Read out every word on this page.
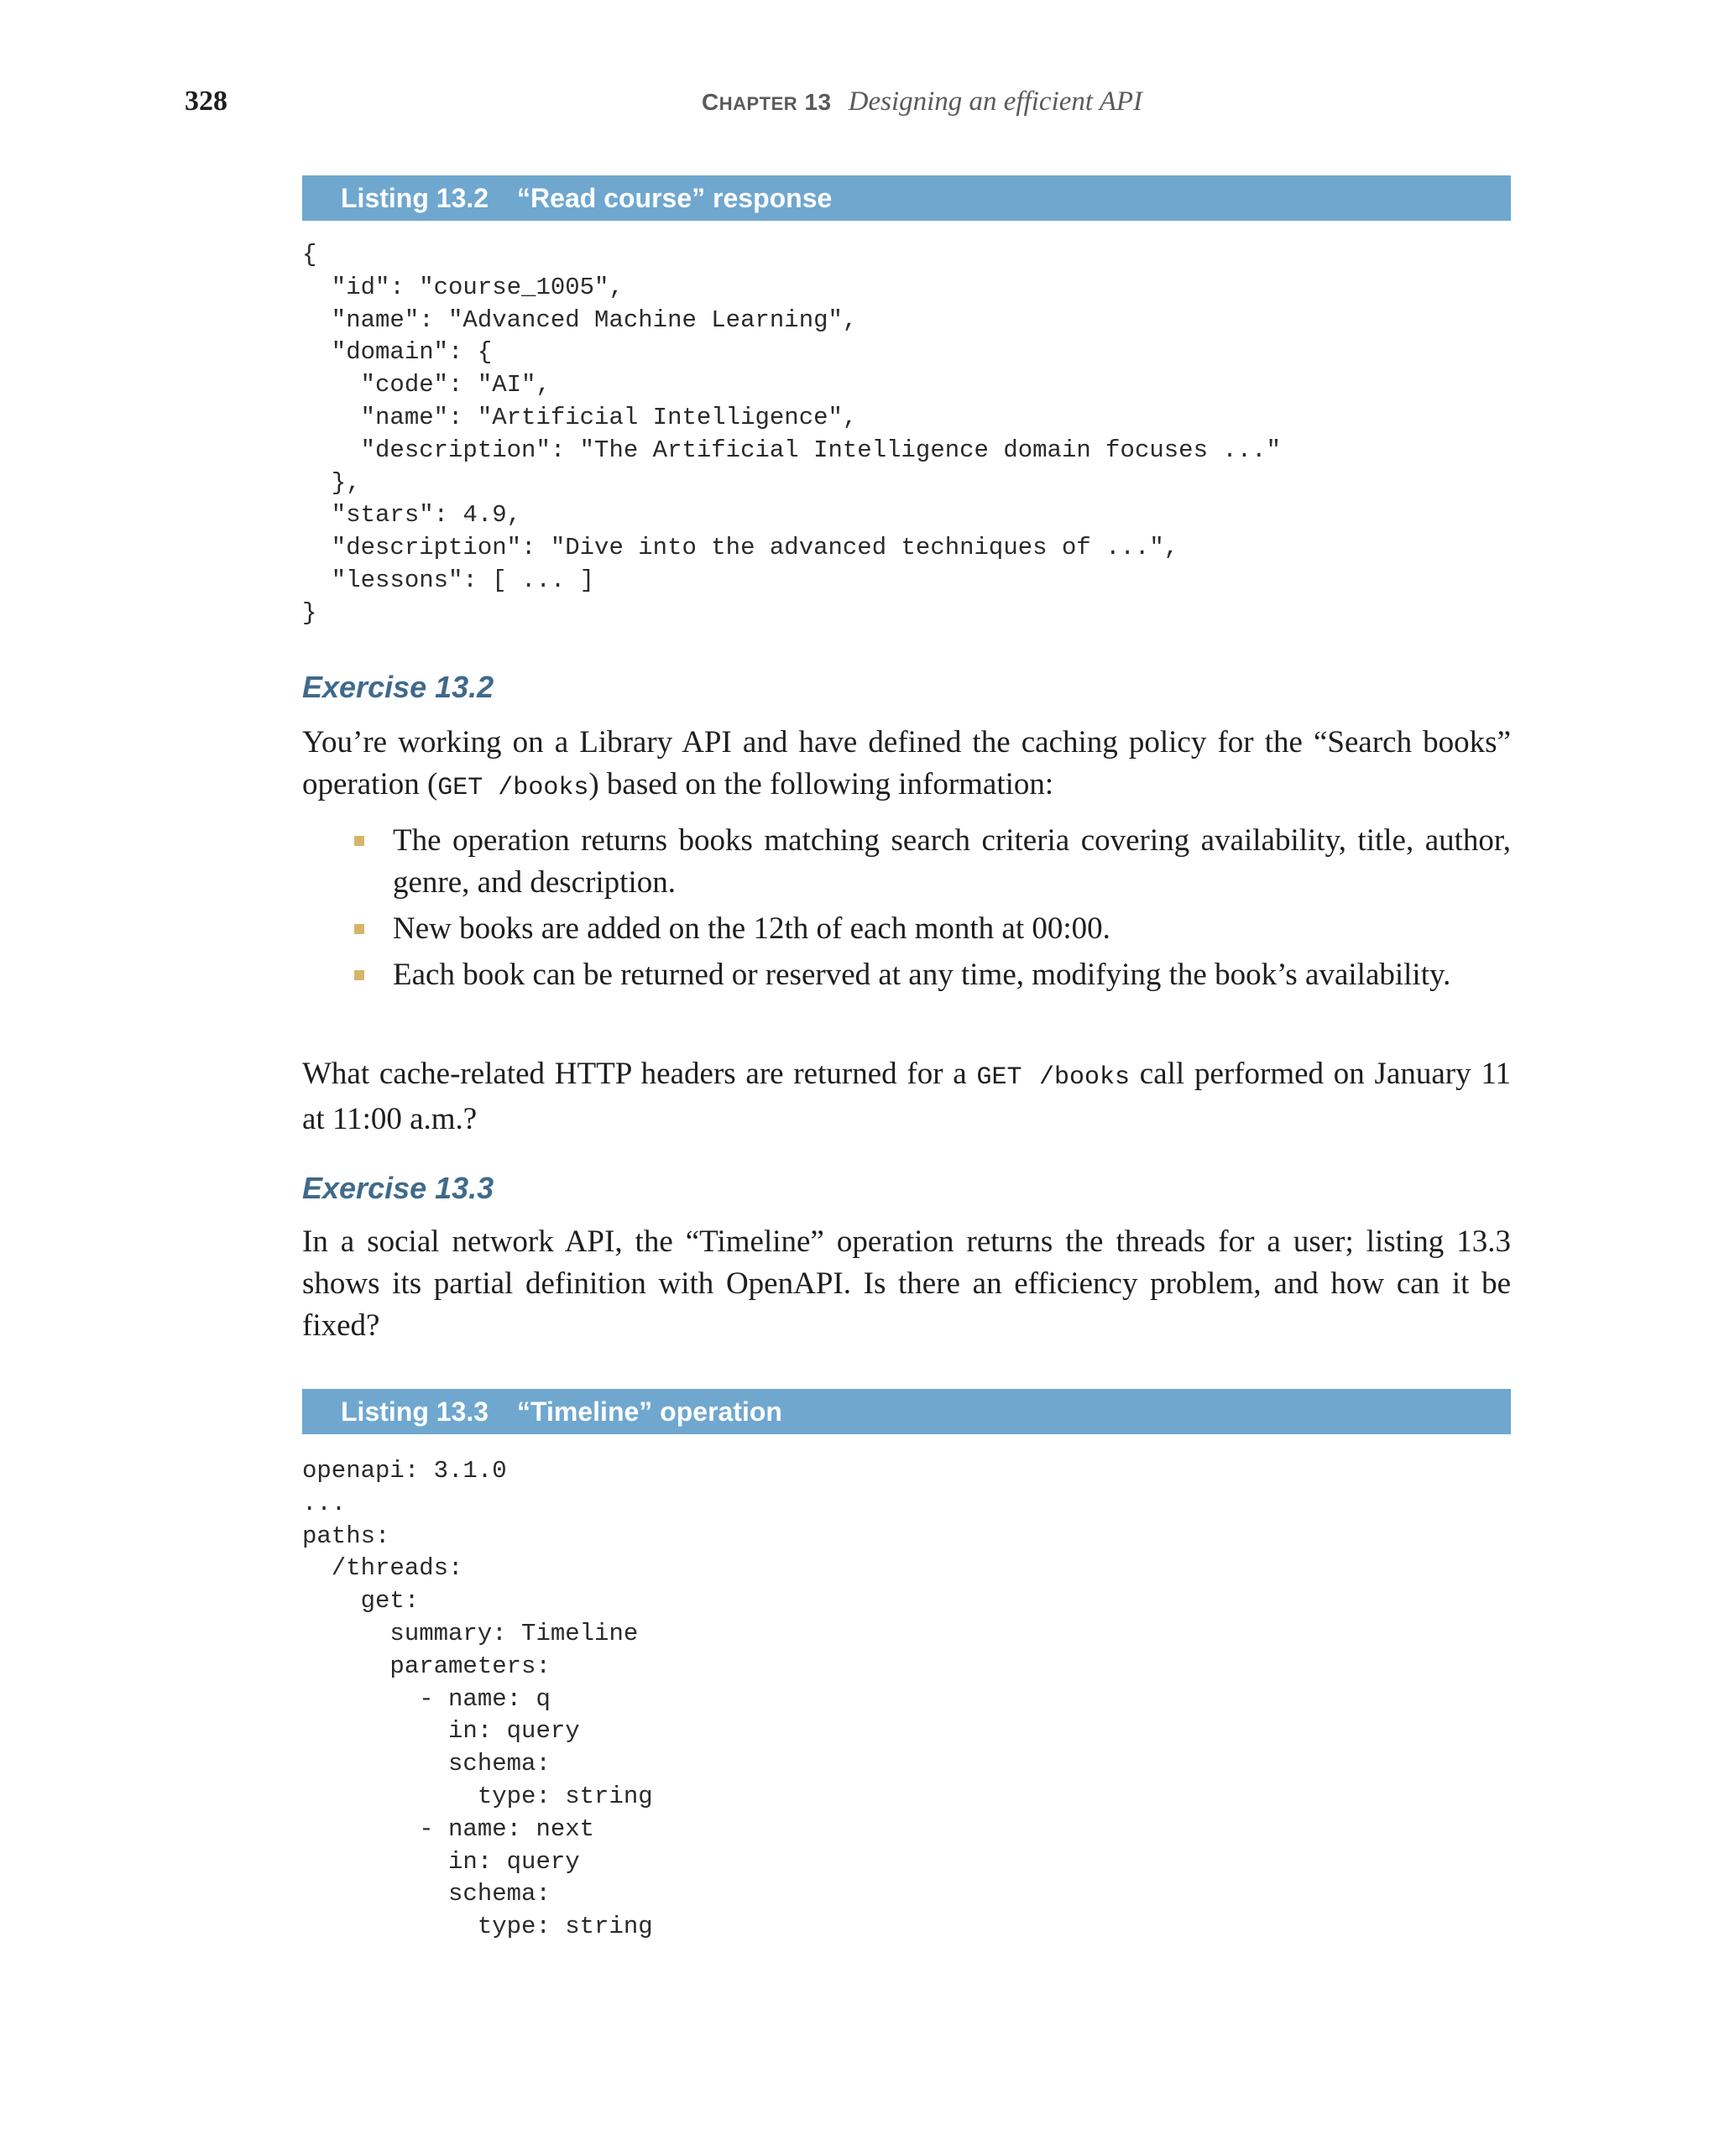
328	CHAPTER 13 Designing an efficient API
Listing 13.2 “Read course” response
{
"id": "course_1005",
"name": "Advanced Machine Learning",
"domain": {
"code": "AI",
"name": "Artificial Intelligence",
"description": "The Artificial Intelligence domain focuses ..."
},
"stars": 4.9,
"description": "Dive into the advanced techniques of ...",
"lessons": [ ... ]
}
Exercise 13.2

You’re working on a Library API and have defined the caching policy for the “Search books” operation (GET /books) based on the following information:

The operation returns books matching search criteria covering availability, title, author, genre, and description.
New books are added on the 12th of each month at 00:00.
Each book can be returned or reserved at any time, modifying the book’s availability.

What cache-related HTTP headers are returned for a GET /books call performed on January 11 at 11:00 a.m.?

Exercise 13.3

In a social network API, the “Timeline” operation returns the threads for a user; listing 13.3 shows its partial definition with OpenAPI. Is there an efficiency problem, and how can it be fixed?

Listing 13.3 “Timeline” operation
openapi: 3.1.0
...
paths:
/threads:
get:
summary: Timeline
parameters:
- name: q
in: query
schema:
type: string
- name: next
in: query
schema:
type: string
